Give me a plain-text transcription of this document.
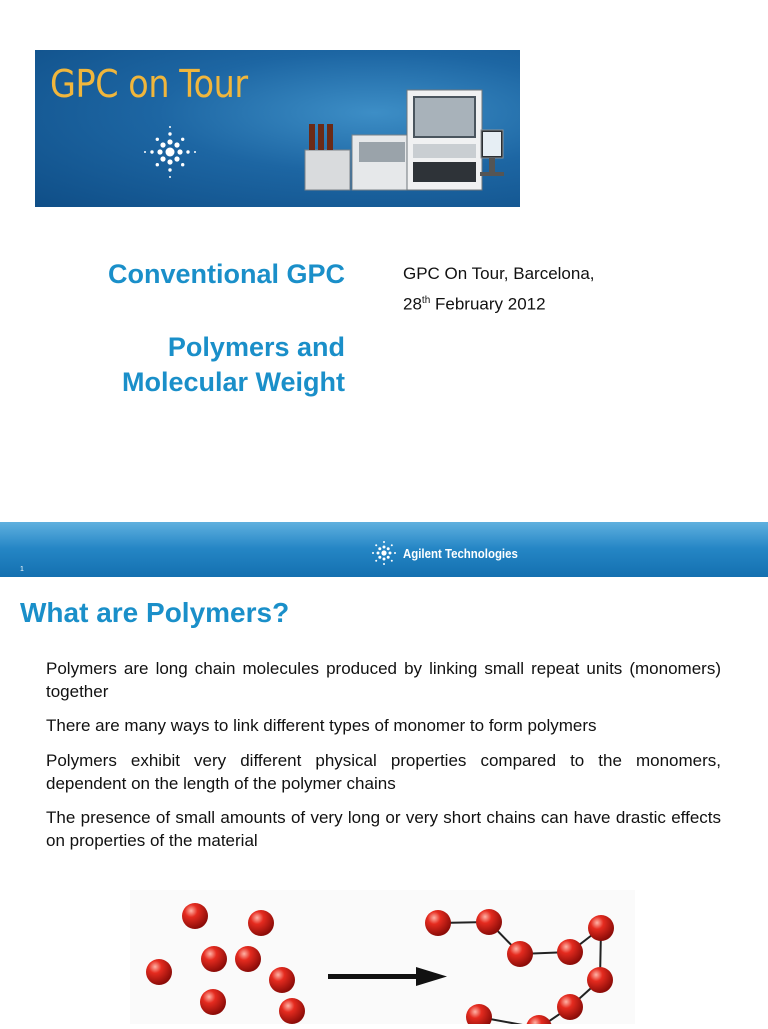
GPC on Tour
Conventional GPC
Polymers and
Molecular Weight
GPC On Tour, Barcelona,
28th February 2012
1
Agilent Technologies
What are Polymers?

Polymers are long chain molecules produced by linking small repeat units (monomers) together

There are many ways to link different types of monomer to form polymers

Polymers exhibit very different physical properties compared to the monomers, dependent on the length of the polymer chains

The presence of small amounts of very long or very short chains can have drastic effects on properties of the material
